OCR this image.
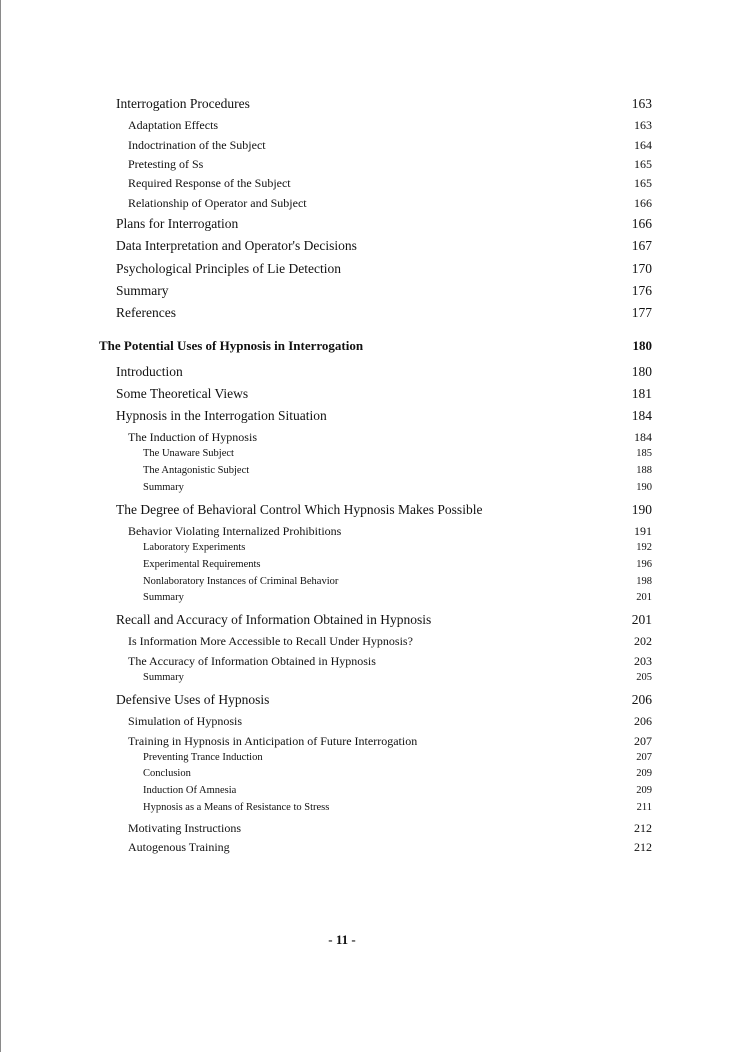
Interrogation Procedures	163
Adaptation Effects	163
Indoctrination of the Subject	164
Pretesting of Ss	165
Required Response of the Subject	165
Relationship of Operator and Subject	166
Plans for Interrogation	166
Data Interpretation and Operator's Decisions	167
Psychological Principles of Lie Detection	170
Summary	176
References	177
The Potential Uses of Hypnosis in Interrogation	180
Introduction	180
Some Theoretical Views	181
Hypnosis in the Interrogation Situation	184
The Induction of Hypnosis	184
The Unaware Subject	185
The Antagonistic Subject	188
Summary	190
The Degree of Behavioral Control Which Hypnosis Makes Possible	190
Behavior Violating Internalized Prohibitions	191
Laboratory Experiments	192
Experimental Requirements	196
Nonlaboratory Instances of Criminal Behavior	198
Summary	201
Recall and Accuracy of Information Obtained in Hypnosis	201
Is Information More Accessible to Recall Under Hypnosis?	202
The Accuracy of Information Obtained in Hypnosis	203
Summary	205
Defensive Uses of Hypnosis	206
Simulation of Hypnosis	206
Training in Hypnosis in Anticipation of Future Interrogation	207
Preventing Trance Induction	207
Conclusion	209
Induction Of Amnesia	209
Hypnosis as a Means of Resistance to Stress	211
Motivating Instructions	212
Autogenous Training	212
- 11 -
